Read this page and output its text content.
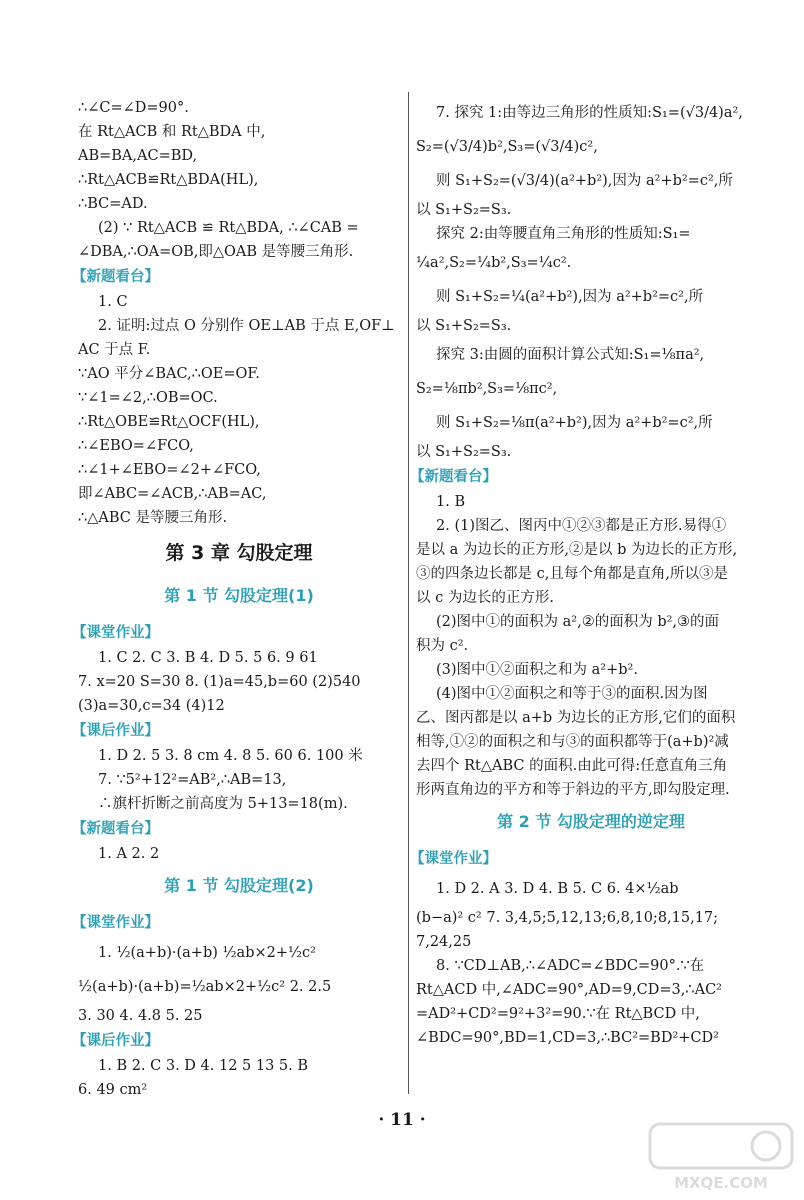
∴∠C=∠D=90°.
在 Rt△ACB 和 Rt△BDA 中,
AB=BA,AC=BD,
∴Rt△ACB≌Rt△BDA(HL),
∴BC=AD.
(2) ∵ Rt△ACB ≌ Rt△BDA, ∴∠CAB =
∠DBA,∴OA=OB,即△OAB 是等腰三角形.
【新题看台】
1. C
2. 证明:过点 O 分别作 OE⊥AB 于点 E,OF⊥
AC 于点 F.
∵AO 平分∠BAC,∴OE=OF.
∵∠1=∠2,∴OB=OC.
∴Rt△OBE≌Rt△OCF(HL),
∴∠EBO=∠FCO,
∴∠1+∠EBO=∠2+∠FCO,
即∠ABC=∠ACB,∴AB=AC,
∴△ABC 是等腰三角形.
第 3 章 勾股定理
第 1 节 勾股定理(1)
【课堂作业】
1. C 2. C 3. B 4. D 5. 5 6. 9 61
7. x=20 S=30 8. (1)a=45,b=60 (2)540
(3)a=30,c=34 (4)12
【课后作业】
1. D 2. 5 3. 8 cm 4. 8 5. 60 6. 100 米
7. ∵5²+12²=AB²,∴AB=13,
∴旗杆折断之前高度为 5+13=18(m).
【新题看台】
1. A 2. 2
第 1 节 勾股定理(2)
【课堂作业】
1. ½(a+b)·(a+b) ½ab×2+½c²
½(a+b)·(a+b)=½ab×2+½c² 2. 2.5
3. 30 4. 4.8 5. 25
【课后作业】
1. B 2. C 3. D 4. 12 5 13 5. B
6. 49 cm²
7. 探究 1:由等边三角形的性质知:S₁=(√3/4)a²,
S₂=(√3/4)b²,S₃=(√3/4)c²,
则 S₁+S₂=(√3/4)(a²+b²),因为 a²+b²=c²,所
以 S₁+S₂=S₃.
探究 2:由等腰直角三角形的性质知:S₁=
¼a²,S₂=¼b²,S₃=¼c².
则 S₁+S₂=¼(a²+b²),因为 a²+b²=c²,所
以 S₁+S₂=S₃.
探究 3:由圆的面积计算公式知:S₁=⅛πa²,
S₂=⅛πb²,S₃=⅛πc²,
则 S₁+S₂=⅛π(a²+b²),因为 a²+b²=c²,所
以 S₁+S₂=S₃.
【新题看台】
1. B
2. (1)图乙、图丙中①②③都是正方形.易得①
是以 a 为边长的正方形,②是以 b 为边长的正方形,
③的四条边长都是 c,且每个角都是直角,所以③是
以 c 为边长的正方形.
(2)图中①的面积为 a²,②的面积为 b²,③的面
积为 c².
(3)图中①②面积之和为 a²+b².
(4)图中①②面积之和等于③的面积.因为图
乙、图丙都是以 a+b 为边长的正方形,它们的面积
相等,①②的面积之和与③的面积都等于(a+b)²减
去四个 Rt△ABC 的面积.由此可得:任意直角三角
形两直角边的平方和等于斜边的平方,即勾股定理.
第 2 节 勾股定理的逆定理
【课堂作业】
1. D 2. A 3. D 4. B 5. C 6. 4×½ab
(b−a)² c² 7. 3,4,5;5,12,13;6,8,10;8,15,17;
7,24,25
8. ∵CD⊥AB,∴∠ADC=∠BDC=90°.∵在
Rt△ACD 中,∠ADC=90°,AD=9,CD=3,∴AC²
=AD²+CD²=9²+3²=90.∵在 Rt△BCD 中,
∠BDC=90°,BD=1,CD=3,∴BC²=BD²+CD²
· 11 ·
MXQE.COM
